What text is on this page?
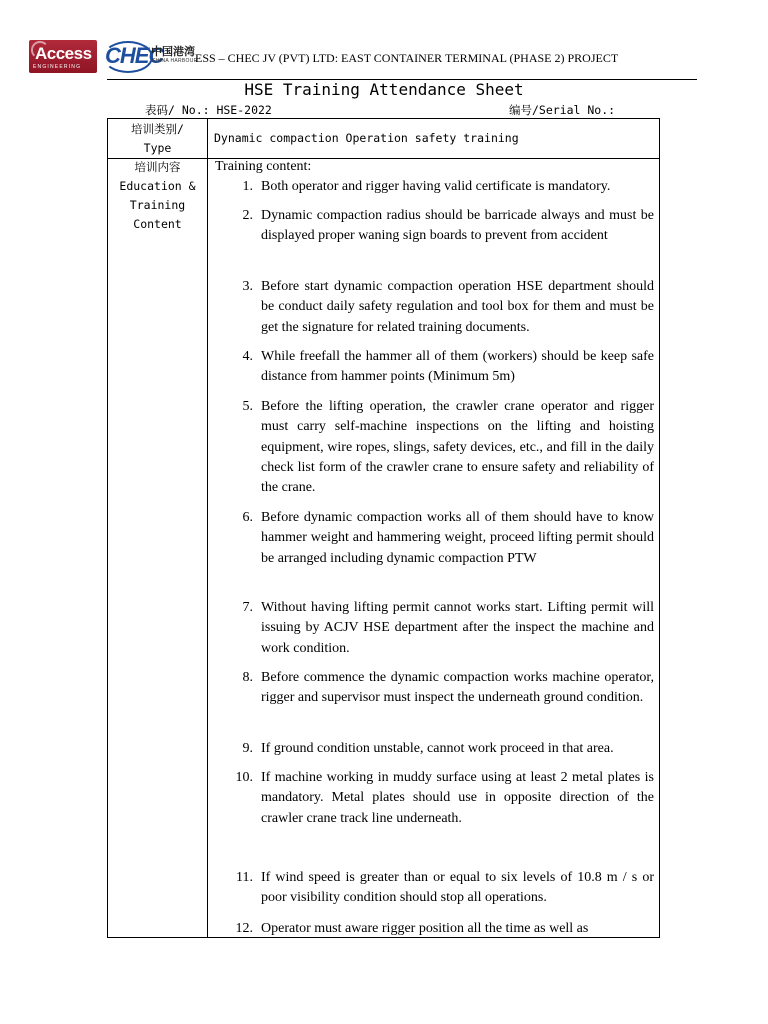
Access
ENGINEERING CHEC
中国港湾
CHINA HARBOUR
ESS – CHEC JV (PVT) LTD: EAST CONTAINER TERMINAL (PHASE 2) PROJECT
HSE Training Attendance Sheet
表码/ No.: HSE-2022	编号/Serial No.:
培训类别/
Type
Dynamic compaction Operation safety training
培训内容
Education &
Training
Content
Training content:
1. Both operator and rigger having valid certificate is mandatory.
2. Dynamic compaction radius should be barricade always and must be displayed proper waning sign boards to prevent from accident
3. Before start dynamic compaction operation HSE department should be conduct daily safety regulation and tool box for them and must be get the signature for related training documents.
4. While freefall the hammer all of them (workers) should be keep safe distance from hammer points (Minimum 5m)
5. Before the lifting operation, the crawler crane operator and rigger must carry self-machine inspections on the lifting and hoisting equipment, wire ropes, slings, safety devices, etc., and fill in the daily check list form of the crawler crane to ensure safety and reliability of the crane.
6. Before dynamic compaction works all of them should have to know hammer weight and hammering weight, proceed lifting permit should be arranged including dynamic compaction PTW
7. Without having lifting permit cannot works start. Lifting permit will issuing by ACJV HSE department after the inspect the machine and work condition.
8. Before commence the dynamic compaction works machine operator, rigger and supervisor must inspect the underneath ground condition.
9. If ground condition unstable, cannot work proceed in that area.
10. If machine working in muddy surface using at least 2 metal plates is mandatory. Metal plates should use in opposite direction of the crawler crane track line underneath.
11. If wind speed is greater than or equal to six levels of 10.8 m / s or poor visibility condition should stop all operations.
12. Operator must aware rigger position all the time as well as
